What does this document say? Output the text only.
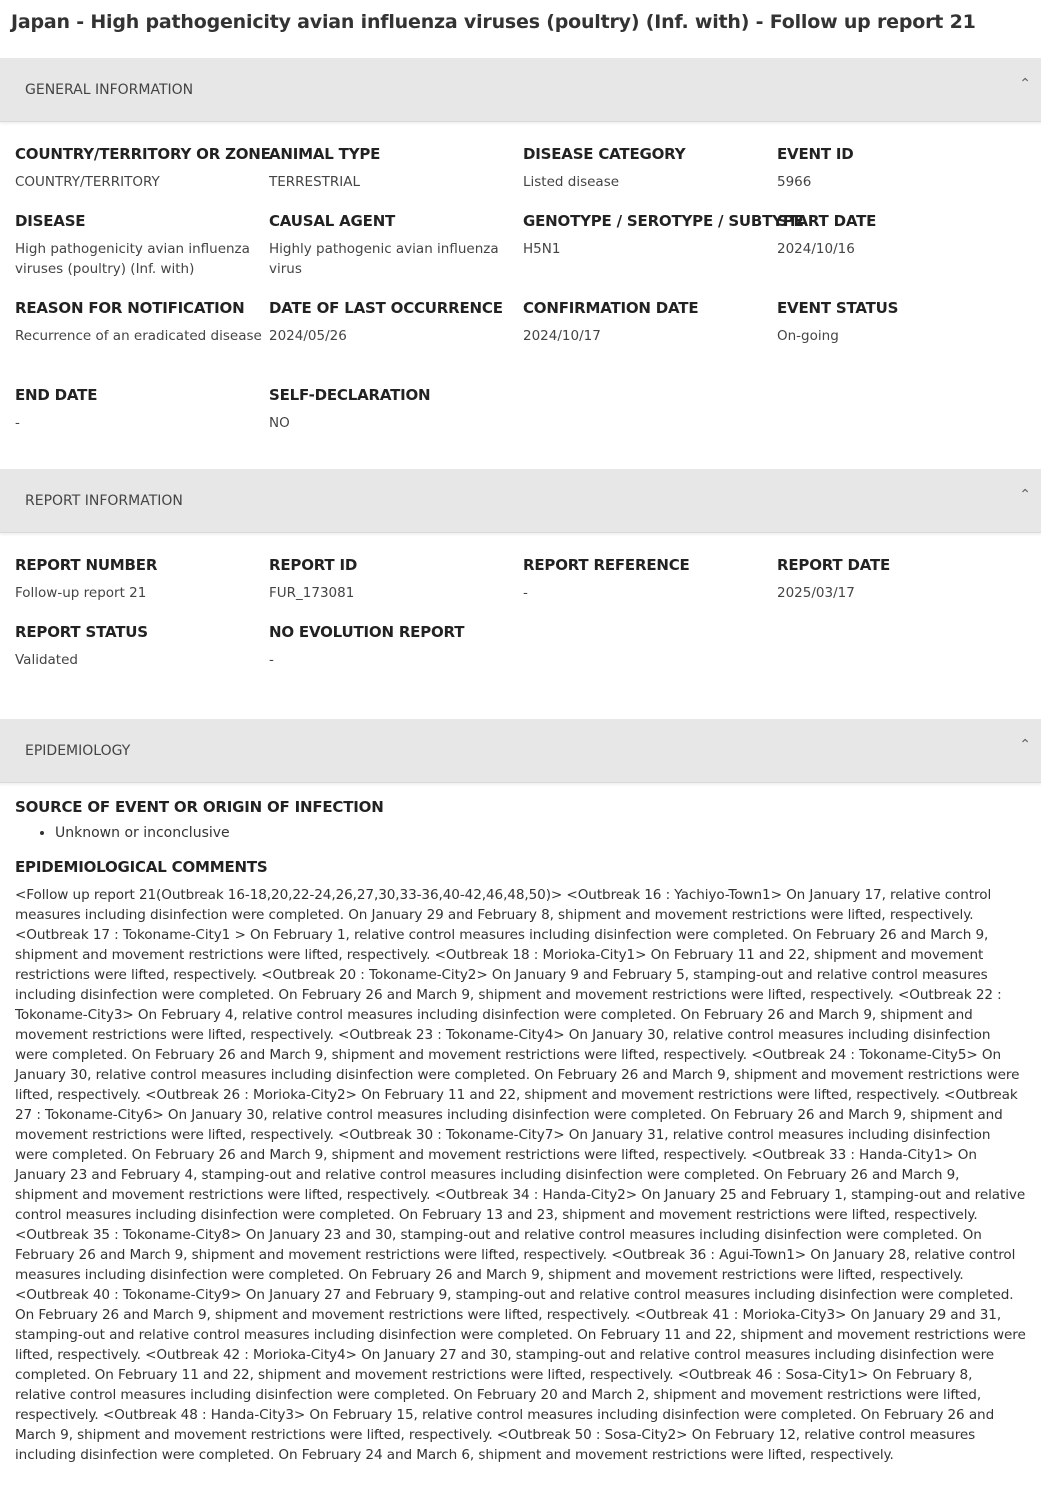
Japan - High pathogenicity avian influenza viruses (poultry) (Inf. with) - Follow up report 21
GENERAL INFORMATION	⌃
COUNTRY/TERRITORY OR ZONE
COUNTRY/TERRITORY
ANIMAL TYPE
TERRESTRIAL
DISEASE CATEGORY
Listed disease
EVENT ID
5966
DISEASE
High pathogenicity avian influenza viruses (poultry) (Inf. with)
CAUSAL AGENT
Highly pathogenic avian influenza virus
GENOTYPE / SEROTYPE / SUBTYPE
H5N1
START DATE
2024/10/16
REASON FOR NOTIFICATION
Recurrence of an eradicated disease
DATE OF LAST OCCURRENCE
2024/05/26
CONFIRMATION DATE
2024/10/17
EVENT STATUS
On-going
END DATE
-
SELF-DECLARATION
NO
REPORT INFORMATION	⌃
REPORT NUMBER
Follow-up report 21
REPORT ID
FUR_173081
REPORT REFERENCE
-
REPORT DATE
2025/03/17
REPORT STATUS
Validated
NO EVOLUTION REPORT
-
EPIDEMIOLOGY	⌃
SOURCE OF EVENT OR ORIGIN OF INFECTION
• Unknown or inconclusive
EPIDEMIOLOGICAL COMMENTS
<Follow up report 21(Outbreak 16-18,20,22-24,26,27,30,33-36,40-42,46,48,50)> <Outbreak 16 : Yachiyo-Town1> On January 17, relative control measures including disinfection were completed. On January 29 and February 8, shipment and movement restrictions were lifted, respectively. <Outbreak 17 : Tokoname-City1 > On February 1, relative control measures including disinfection were completed. On February 26 and March 9, shipment and movement restrictions were lifted, respectively. <Outbreak 18 : Morioka-City1> On February 11 and 22, shipment and movement restrictions were lifted, respectively. <Outbreak 20 : Tokoname-City2> On January 9 and February 5, stamping-out and relative control measures including disinfection were completed. On February 26 and March 9, shipment and movement restrictions were lifted, respectively. <Outbreak 22 : Tokoname-City3> On February 4, relative control measures including disinfection were completed. On February 26 and March 9, shipment and movement restrictions were lifted, respectively. <Outbreak 23 : Tokoname-City4> On January 30, relative control measures including disinfection were completed. On February 26 and March 9, shipment and movement restrictions were lifted, respectively. <Outbreak 24 : Tokoname-City5> On January 30, relative control measures including disinfection were completed. On February 26 and March 9, shipment and movement restrictions were lifted, respectively. <Outbreak 26 : Morioka-City2> On February 11 and 22, shipment and movement restrictions were lifted, respectively. <Outbreak 27 : Tokoname-City6> On January 30, relative control measures including disinfection were completed. On February 26 and March 9, shipment and movement restrictions were lifted, respectively. <Outbreak 30 : Tokoname-City7> On January 31, relative control measures including disinfection were completed. On February 26 and March 9, shipment and movement restrictions were lifted, respectively. <Outbreak 33 : Handa-City1> On January 23 and February 4, stamping-out and relative control measures including disinfection were completed. On February 26 and March 9, shipment and movement restrictions were lifted, respectively. <Outbreak 34 : Handa-City2> On January 25 and February 1, stamping-out and relative control measures including disinfection were completed. On February 13 and 23, shipment and movement restrictions were lifted, respectively. <Outbreak 35 : Tokoname-City8> On January 23 and 30, stamping-out and relative control measures including disinfection were completed. On February 26 and March 9, shipment and movement restrictions were lifted, respectively. <Outbreak 36 : Agui-Town1> On January 28, relative control measures including disinfection were completed. On February 26 and March 9, shipment and movement restrictions were lifted, respectively. <Outbreak 40 : Tokoname-City9> On January 27 and February 9, stamping-out and relative control measures including disinfection were completed. On February 26 and March 9, shipment and movement restrictions were lifted, respectively. <Outbreak 41 : Morioka-City3> On January 29 and 31, stamping-out and relative control measures including disinfection were completed. On February 11 and 22, shipment and movement restrictions were lifted, respectively. <Outbreak 42 : Morioka-City4> On January 27 and 30, stamping-out and relative control measures including disinfection were completed. On February 11 and 22, shipment and movement restrictions were lifted, respectively. <Outbreak 46 : Sosa-City1> On February 8, relative control measures including disinfection were completed. On February 20 and March 2, shipment and movement restrictions were lifted, respectively. <Outbreak 48 : Handa-City3> On February 15, relative control measures including disinfection were completed. On February 26 and March 9, shipment and movement restrictions were lifted, respectively. <Outbreak 50 : Sosa-City2> On February 12, relative control measures including disinfection were completed. On February 24 and March 6, shipment and movement restrictions were lifted, respectively.
